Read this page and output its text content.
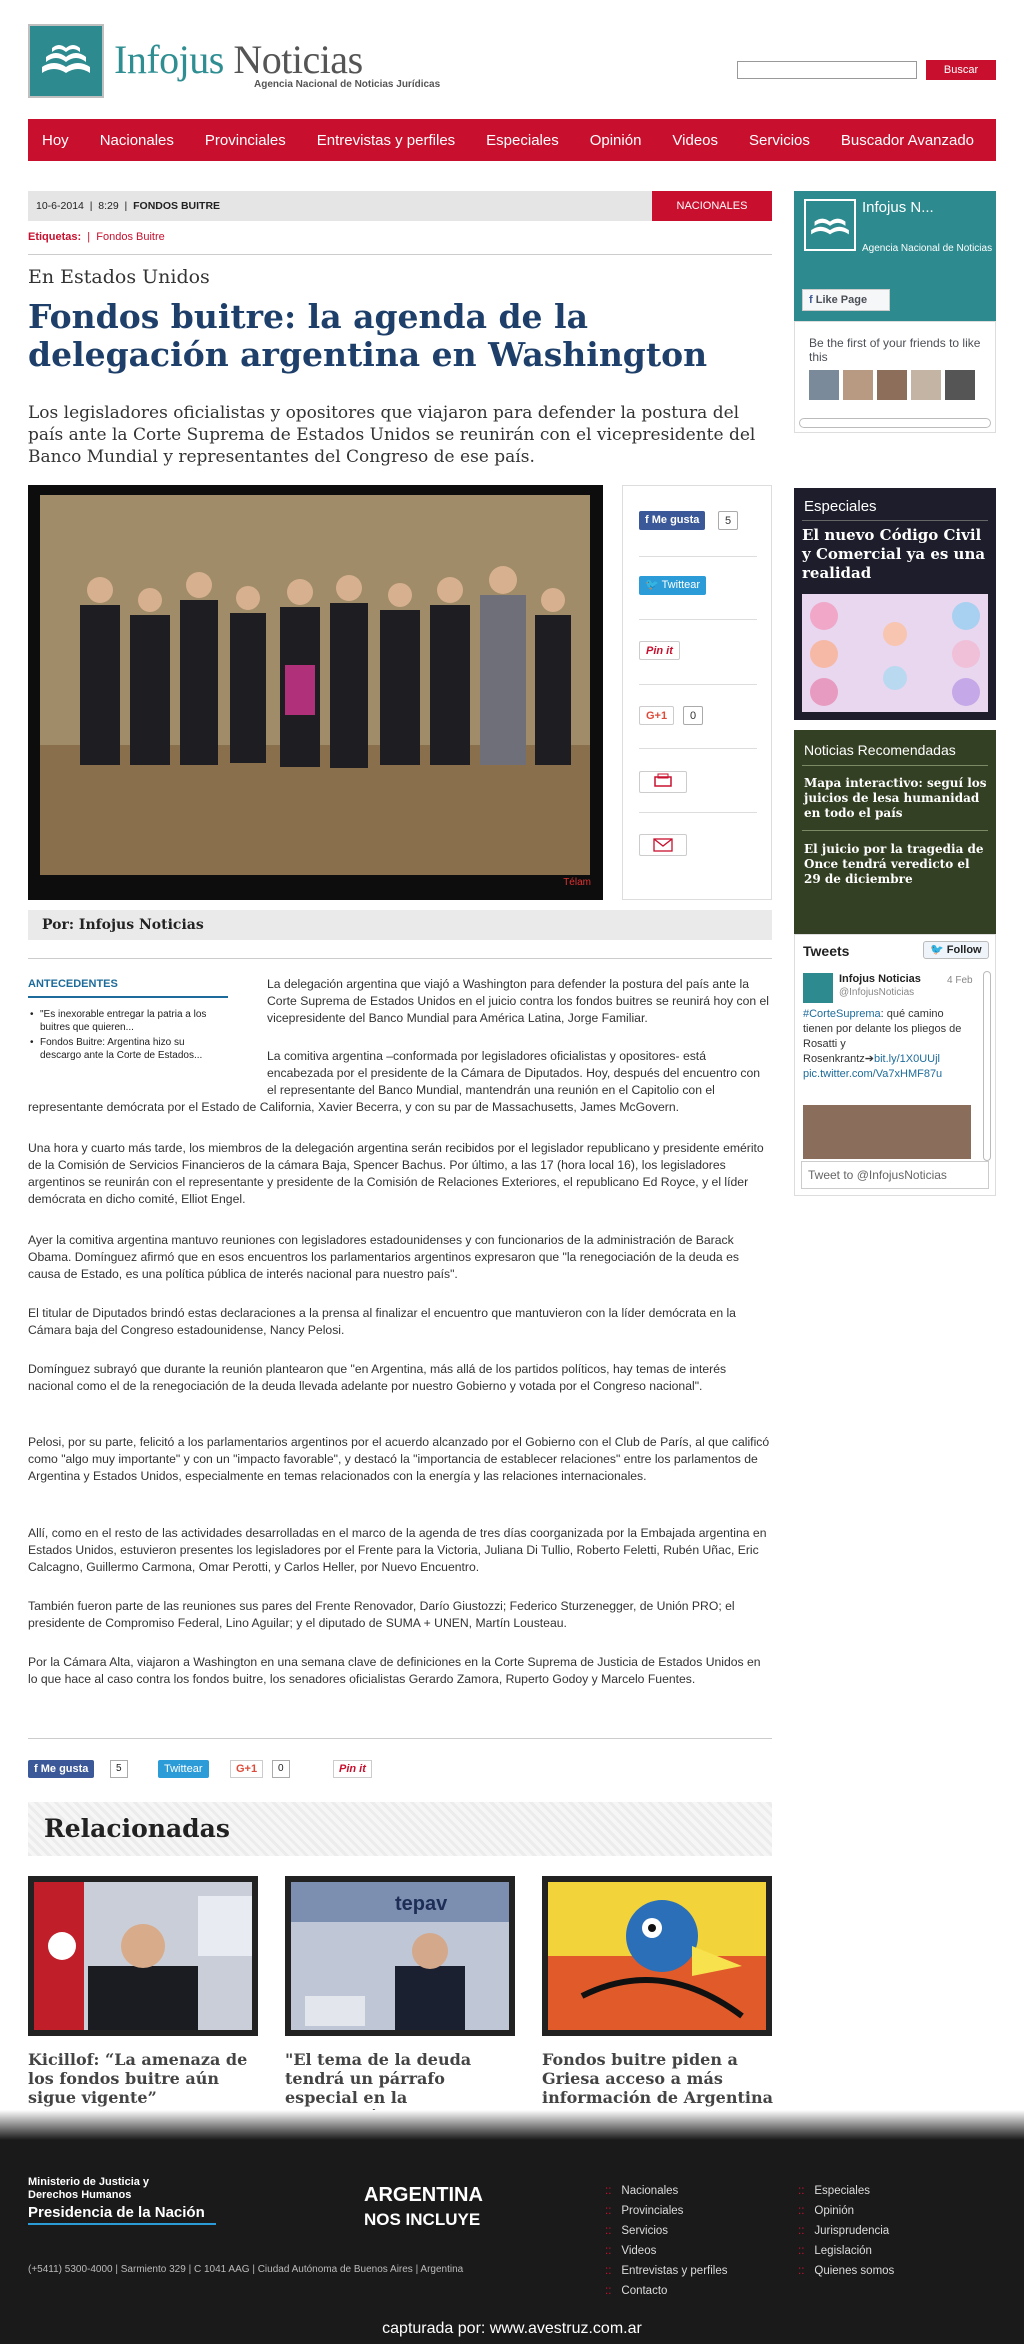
Infojus Noticias
Agencia Nacional de Noticias Jurídicas
Buscar
Hoy Nacionales Provinciales Entrevistas y perfiles Especiales Opinión Videos Servicios Buscador Avanzado
10-6-2014  |  8:29  |  FONDOS BUITRE	NACIONALES
Etiquetas:  |  Fondos Buitre
En Estados Unidos
Fondos buitre: la agenda de la delegación argentina en Washington
Los legisladores oficialistas y opositores que viajaron para defender la postura del país ante la Corte Suprema de Estados Unidos se reunirán con el vicepresidente del Banco Mundial y representantes del Congreso de ese país.
Télam
f Me gusta	5
🐦 Twittear
Pin it
G+1	0
Por: Infojus Noticias
ANTECEDENTES
• "Es inexorable entregar la patria a los buitres que quieren...
• Fondos Buitre: Argentina hizo su descargo ante la Corte de Estados...
La delegación argentina que viajó a Washington para defender la postura del país ante la Corte Suprema de Estados Unidos en el juicio contra los fondos buitres se reunirá hoy con el vicepresidente del Banco Mundial para América Latina, Jorge Familiar.
La comitiva argentina –conformada por legisladores oficialistas y opositores- está encabezada por el presidente de la Cámara de Diputados. Hoy, después del encuentro con el representante del Banco Mundial, mantendrán una reunión en el Capitolio con el
representante demócrata por el Estado de California, Xavier Becerra, y con su par de Massachusetts, James McGovern.
Una hora y cuarto más tarde, los miembros de la delegación argentina serán recibidos por el legislador republicano y presidente emérito de la Comisión de Servicios Financieros de la cámara Baja, Spencer Bachus. Por último, a las 17 (hora local 16), los legisladores argentinos se reunirán con el representante y presidente de la Comisión de Relaciones Exteriores, el republicano Ed Royce, y el líder demócrata en dicho comité, Elliot Engel.
Ayer la comitiva argentina mantuvo reuniones con legisladores estadounidenses y con funcionarios de la administración de Barack Obama. Domínguez afirmó que en esos encuentros los parlamentarios argentinos expresaron que "la renegociación de la deuda es causa de Estado, es una política pública de interés nacional para nuestro país".
El titular de Diputados brindó estas declaraciones a la prensa al finalizar el encuentro que mantuvieron con la líder demócrata en la Cámara baja del Congreso estadounidense, Nancy Pelosi.
Domínguez subrayó que durante la reunión plantearon que "en Argentina, más allá de los partidos políticos, hay temas de interés nacional como el de la renegociación de la deuda llevada adelante por nuestro Gobierno y votada por el Congreso nacional".
Pelosi, por su parte, felicitó a los parlamentarios argentinos por el acuerdo alcanzado por el Gobierno con el Club de París, al que calificó como "algo muy importante" y con un "impacto favorable", y destacó la "importancia de establecer relaciones" entre los parlamentos de Argentina y Estados Unidos, especialmente en temas relacionados con la energía y las relaciones internacionales.
Allí, como en el resto de las actividades desarrolladas en el marco de la agenda de tres días coorganizada por la Embajada argentina en Estados Unidos, estuvieron presentes los legisladores por el Frente para la Victoria, Juliana Di Tullio, Roberto Feletti, Rubén Uñac, Eric Calcagno, Guillermo Carmona, Omar Perotti, y Carlos Heller, por Nuevo Encuentro.
También fueron parte de las reuniones sus pares del Frente Renovador, Darío Giustozzi; Federico Sturzenegger, de Unión PRO; el presidente de Compromiso Federal, Lino Aguilar; y el diputado de SUMA + UNEN, Martín Lousteau.
Por la Cámara Alta, viajaron a Washington en una semana clave de definiciones en la Corte Suprema de Justicia de Estados Unidos en lo que hace al caso contra los fondos buitre, los senadores oficialistas Gerardo Zamora, Ruperto Godoy y Marcelo Fuentes.
f Me gusta	5	Twittear	G+1	0	Pin it
Relacionadas
tepav
Kicillof: “La amenaza de los fondos buitre aún sigue vigente”
"El tema de la deuda tendrá un párrafo especial en la
Fondos buitre piden a Griesa acceso a más información de Argentina
Infojus N...
Agencia Nacional de Noticias
f Like Page
Be the first of your friends to like this
Especiales
El nuevo Código Civil y Comercial ya es una realidad
Noticias Recomendadas
Mapa interactivo: seguí los juicios de lesa humanidad en todo el país
El juicio por la tragedia de Once tendrá veredicto el 29 de diciembre
Tweets	🐦 Follow
Infojus Noticias
@InfojusNoticias
4 Feb
#CorteSuprema: qué camino tienen por delante los pliegos de Rosatti y Rosenkrantz➔bit.ly/1X0UUjl pic.twitter.com/Va7xHMF87u
Tweet to @InfojusNoticias
Ministerio de Justicia y Derechos Humanos
Presidencia de la Nación
ARGENTINA
NOS INCLUYE
(+5411) 5300-4000 | Sarmiento 329 | C 1041 AAG | Ciudad Autónoma de Buenos Aires | Argentina
:: Nacionales
:: Provinciales
:: Servicios
:: Videos
:: Entrevistas y perfiles
:: Contacto
:: Especiales
:: Opinión
:: Jurisprudencia
:: Legislación
:: Quienes somos
capturada por: www.avestruz.com.ar
